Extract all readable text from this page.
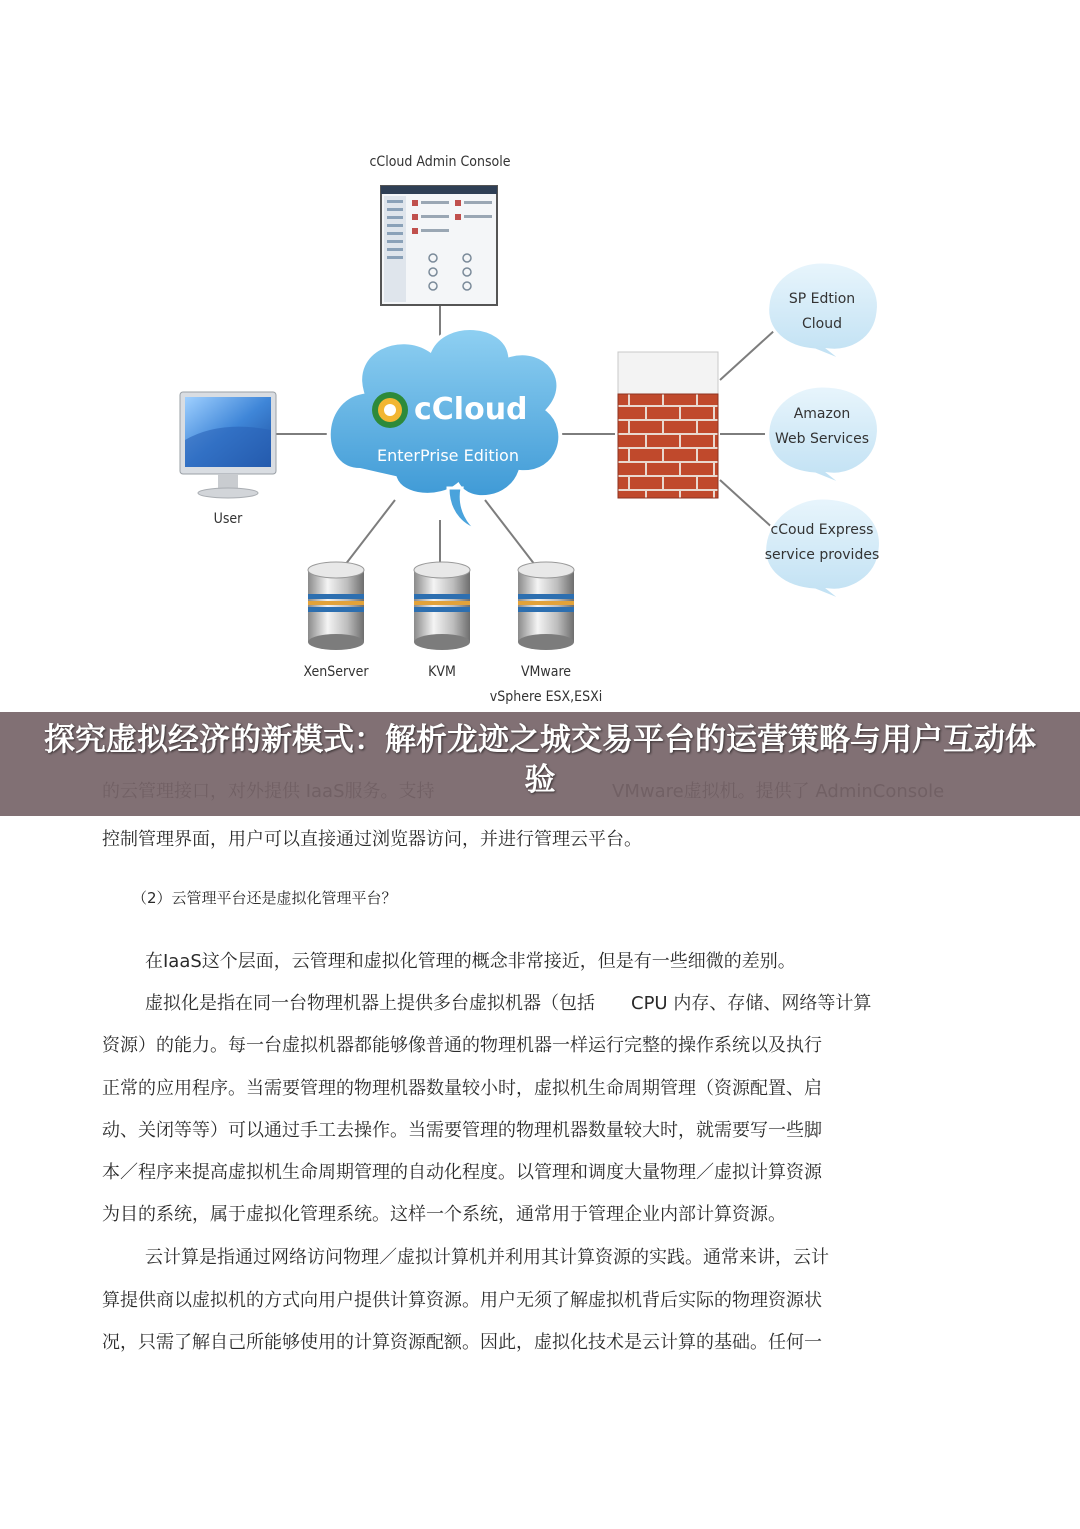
cCloud Admin Console
cCloud
EnterPrise Edition
User
XenServer	KVM	VMware
vSphere ESX,ESXi
SP Edtion
Cloud
Amazon
Web Services
cCoud Express
service provides
探究虚拟经济的新模式：解析龙迹之城交易平台的运营策略与用户互动体验
控制管理界面，用户可以直接通过浏览器访问，并进行管理云平台。
（2）云管理平台还是虚拟化管理平台？
在IaaS这个层面，云管理和虚拟化管理的概念非常接近，但是有一些细微的差别。
虚拟化是指在同一台物理机器上提供多台虚拟机器（包括　　CPU 内存、存储、网络等计算
资源）的能力。每一台虚拟机器都能够像普通的物理机器一样运行完整的操作系统以及执行
正常的应用程序。当需要管理的物理机器数量较小时，虚拟机生命周期管理（资源配置、启
动、关闭等等）可以通过手工去操作。当需要管理的物理机器数量较大时，就需要写一些脚
本／程序来提高虚拟机生命周期管理的自动化程度。以管理和调度大量物理／虚拟计算资源
为目的系统，属于虚拟化管理系统。这样一个系统，通常用于管理企业内部计算资源。
云计算是指通过网络访问物理／虚拟计算机并利用其计算资源的实践。通常来讲，云计
算提供商以虚拟机的方式向用户提供计算资源。用户无须了解虚拟机背后实际的物理资源状
况，只需了解自己所能够使用的计算资源配额。因此，虚拟化技术是云计算的基础。任何一
